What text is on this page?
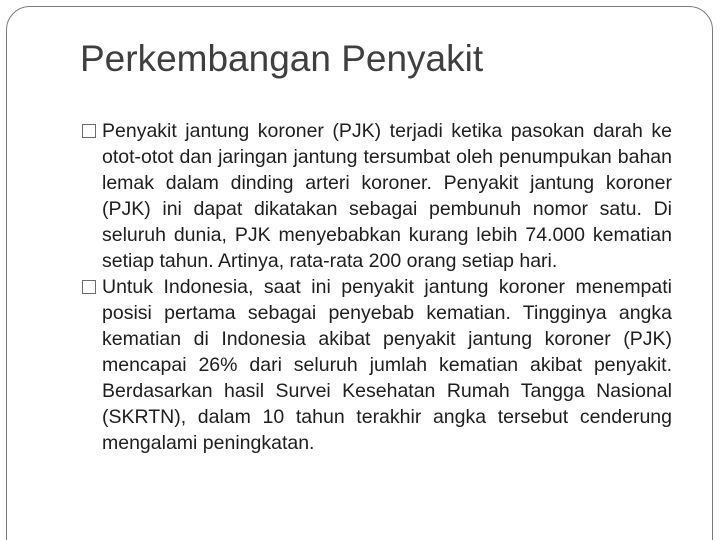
Perkembangan Penyakit
Penyakit jantung koroner (PJK) terjadi ketika pasokan darah ke otot-otot dan jaringan jantung tersumbat oleh penumpukan bahan lemak dalam dinding arteri koroner. Penyakit jantung koroner (PJK) ini dapat dikatakan sebagai pembunuh nomor satu. Di seluruh dunia, PJK menyebabkan kurang lebih 74.000 kematian setiap tahun. Artinya, rata-rata 200 orang setiap hari.
Untuk Indonesia, saat ini penyakit jantung koroner menempati posisi pertama sebagai penyebab kematian. Tingginya angka kematian di Indonesia akibat penyakit jantung koroner (PJK) mencapai 26% dari seluruh jumlah kematian akibat penyakit. Berdasarkan hasil Survei Kesehatan Rumah Tangga Nasional (SKRTN), dalam 10 tahun terakhir angka tersebut cenderung mengalami peningkatan.
